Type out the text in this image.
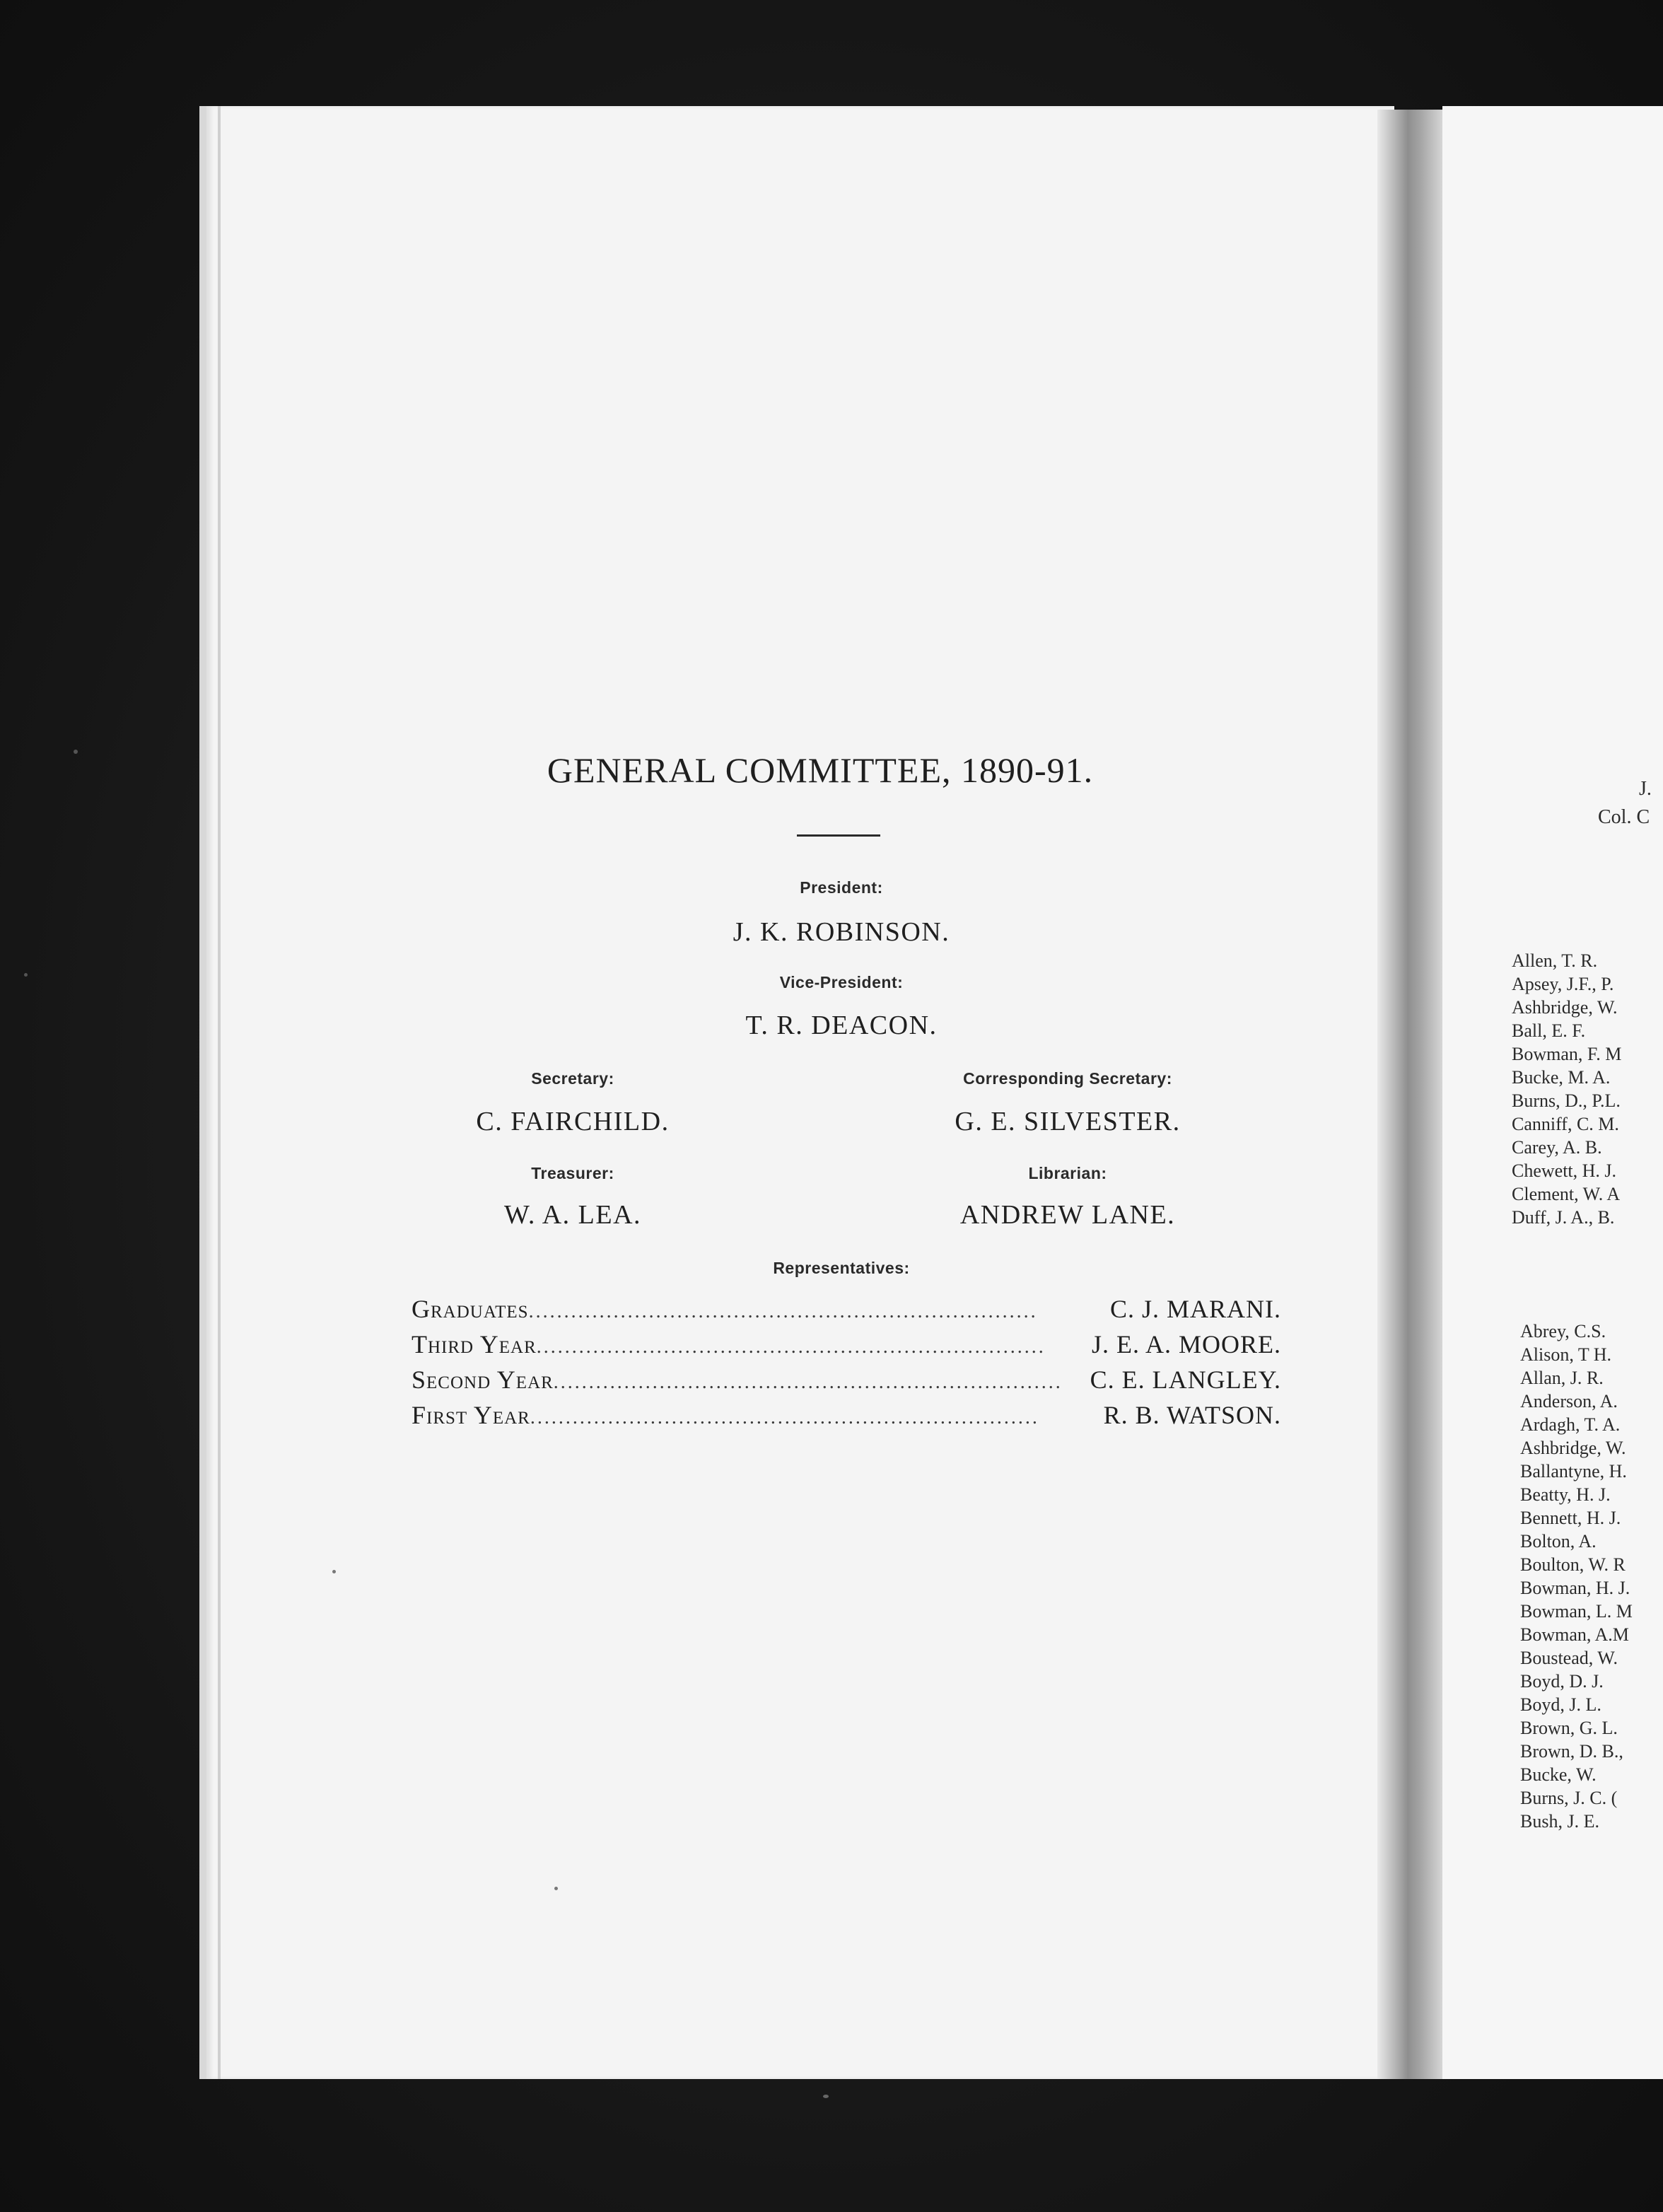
GENERAL COMMITTEE, 1890-91.
President:
J. K. ROBINSON.
Vice-President:
T. R. DEACON.
Secretary:
C. FAIRCHILD.
Corresponding Secretary:
G. E. SILVESTER.
Treasurer:
W. A. LEA.
Librarian:
ANDREW LANE.
Representatives:
Graduates ........................................................................	C. J. MARANI.
Third Year ........................................................................	J. E. A. MOORE.
Second Year ........................................................................	C. E. LANGLEY.
First Year ........................................................................	R. B. WATSON.
J.
Col. C
Allen, T. R.
Apsey, J.F., P.
Ashbridge, W.
Ball, E. F.
Bowman, F. M
Bucke, M. A.
Burns, D., P.L.
Canniff, C. M.
Carey, A. B.
Chewett, H. J.
Clement, W. A
Duff, J. A., B.
Abrey, C.S.
Alison, T H.
Allan, J. R.
Anderson, A.
Ardagh, T. A.
Ashbridge, W.
Ballantyne, H.
Beatty, H. J.
Bennett, H. J.
Bolton, A.
Boulton, W. R
Bowman, H. J.
Bowman, L. M
Bowman, A.M
Boustead, W.
Boyd, D. J.
Boyd, J. L.
Brown, G. L.
Brown, D. B.,
Bucke, W.
Burns, J. C. (
Bush, J. E.
